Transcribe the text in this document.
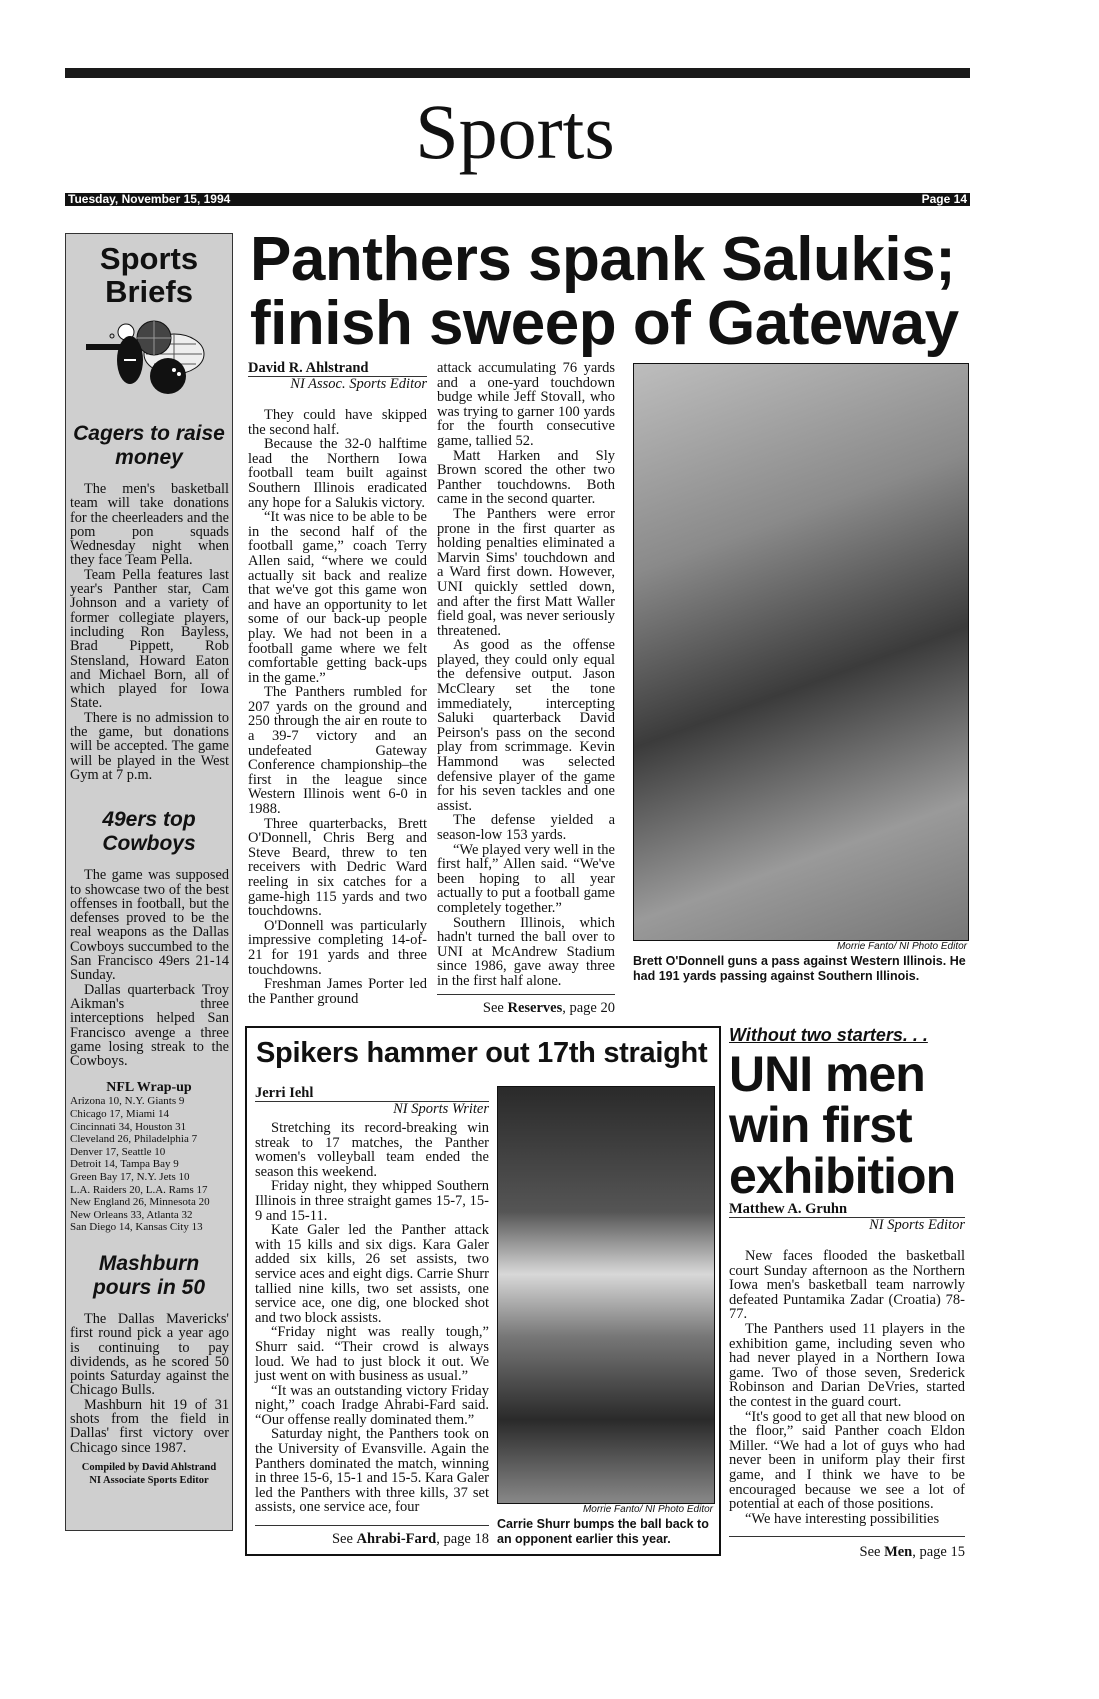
Sports
Tuesday, November 15, 1994	Page 14
Sports
Briefs
Cagers to raise money

The men's basketball team will take donations for the cheerleaders and the pom pon squads Wednesday night when they face Team Pella.

Team Pella features last year's Panther star, Cam Johnson and a variety of former collegiate players, including Ron Bayless, Brad Pippett, Rob Stensland, Howard Eaton and Michael Born, all of which played for Iowa State.

There is no admission to the game, but donations will be accepted. The game will be played in the West Gym at 7 p.m.

49ers top Cowboys

The game was supposed to showcase two of the best offenses in football, but the defenses proved to be the real weapons as the Dallas Cowboys succumbed to the San Francisco 49ers 21-14 Sunday.

Dallas quarterback Troy Aikman's three interceptions helped San Francisco avenge a three game losing streak to the Cowboys.

NFL Wrap-up
Arizona 10, N.Y. Giants 9
Chicago 17, Miami 14
Cincinnati 34, Houston 31
Cleveland 26, Philadelphia 7
Denver 17, Seattle 10
Detroit 14, Tampa Bay 9
Green Bay 17, N.Y. Jets 10
L.A. Raiders 20, L.A. Rams 17
New England 26, Minnesota 20
New Orleans 33, Atlanta 32
San Diego 14, Kansas City 13
Mashburn pours in 50

The Dallas Mavericks' first round pick a year ago is continuing to pay dividends, as he scored 50 points Saturday against the Chicago Bulls.

Mashburn hit 19 of 31 shots from the field in Dallas' first victory over Chicago since 1987.

Compiled by David Ahlstrand
NI Associate Sports Editor
Panthers spank Salukis;
finish sweep of Gateway
David R. Ahlstrand
NI Assoc. Sports Editor

They could have skipped the second half.

Because the 32-0 halftime lead the Northern Iowa football team built against Southern Illinois eradicated any hope for a Salukis victory.

“It was nice to be able to be in the second half of the football game,” coach Terry Allen said, “where we could actually sit back and realize that we've got this game won and have an opportunity to let some of our back-up people play. We had not been in a football game where we felt comfortable getting back-ups in the game.”

The Panthers rumbled for 207 yards on the ground and 250 through the air en route to a 39-7 victory and an undefeated Gateway Conference championship–the first in the league since Western Illinois went 6-0 in 1988.

Three quarterbacks, Brett O'Donnell, Chris Berg and Steve Beard, threw to ten receivers with Dedric Ward reeling in six catches for a game-high 115 yards and two touchdowns.

O'Donnell was particularly impressive completing 14-of-21 for 191 yards and three touchdowns.

Freshman James Porter led the Panther ground

attack accumulating 76 yards and a one-yard touchdown budge while Jeff Stovall, who was trying to garner 100 yards for the fourth consecutive game, tallied 52.

Matt Harken and Sly Brown scored the other two Panther touchdowns. Both came in the second quarter.

The Panthers were error prone in the first quarter as holding penalties eliminated a Marvin Sims' touchdown and a Ward first down. However, UNI quickly settled down, and after the first Matt Waller field goal, was never seriously threatened.

As good as the offense played, they could only equal the defensive output. Jason McCleary set the tone immediately, intercepting Saluki quarterback David Peirson's pass on the second play from scrimmage. Kevin Hammond was selected defensive player of the game for his seven tackles and one assist.

The defense yielded a season-low 153 yards.

“We played very well in the first half,” Allen said. “We've been hoping to all year actually to put a football game completely together.”

Southern Illinois, which hadn't turned the ball over to UNI at McAndrew Stadium since 1986, gave away three in the first half alone.

See Reserves, page 20
Morrie Fanto/ NI Photo Editor
Brett O'Donnell guns a pass against Western Illinois. He had 191 yards passing against Southern Illinois.
Spikers hammer out 17th straight
Jerri Iehl
NI Sports Writer

Stretching its record-breaking win streak to 17 matches, the Panther women's volleyball team ended the season this weekend.

Friday night, they whipped Southern Illinois in three straight games 15-7, 15-9 and 15-11.

Kate Galer led the Panther attack with 15 kills and six digs. Kara Galer added six kills, 26 set assists, two service aces and eight digs. Carrie Shurr tallied nine kills, two set assists, one service ace, one dig, one blocked shot and two block assists.

“Friday night was really tough,” Shurr said. “Their crowd is always loud. We had to just block it out. We just went on with business as usual.”

“It was an outstanding victory Friday night,” coach Iradge Ahrabi-Fard said. “Our offense really dominated them.”

Saturday night, the Panthers took on the University of Evansville. Again the Panthers dominated the match, winning in three 15-6, 15-1 and 15-5. Kara Galer led the Panthers with three kills, 37 set assists, one service ace, four

See Ahrabi-Fard, page 18
Morrie Fanto/ NI Photo Editor
Carrie Shurr bumps the ball back to an opponent earlier this year.
Without two starters. . .
UNI men
win first
exhibition
Matthew A. Gruhn
NI Sports Editor

New faces flooded the basketball court Sunday afternoon as the Northern Iowa men's basketball team narrowly defeated Puntamika Zadar (Croatia) 78-77.

The Panthers used 11 players in the exhibition game, including seven who had never played in a Northern Iowa game. Two of those seven, Srederick Robinson and Darian DeVries, started the contest in the guard court.

“It's good to get all that new blood on the floor,” said Panther coach Eldon Miller. “We had a lot of guys who had never been in uniform play their first game, and I think we have to be encouraged because we see a lot of potential at each of those positions.

“We have interesting possibilities

See Men, page 15
